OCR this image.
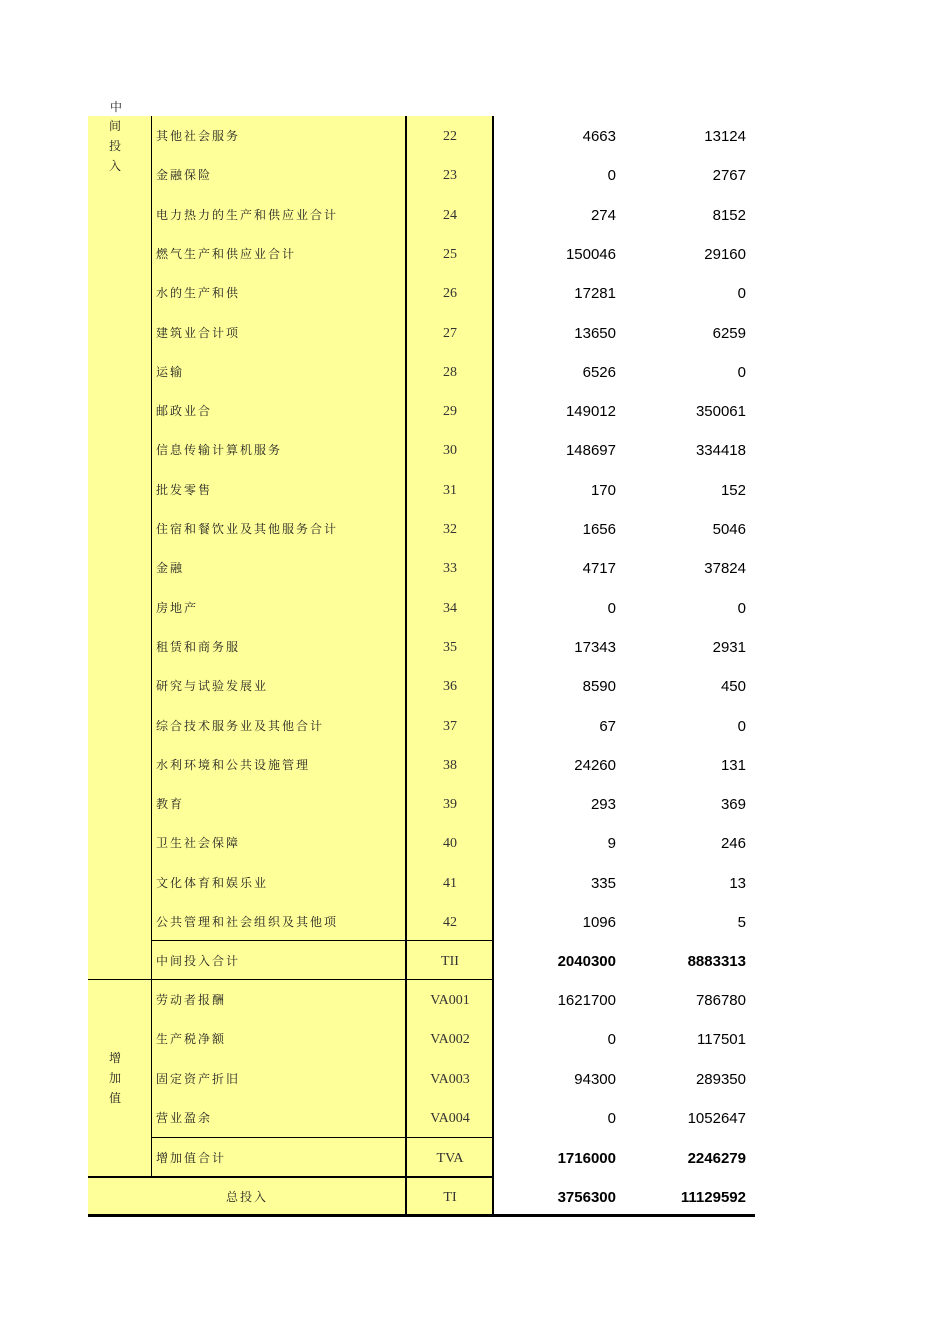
中
间
投
入
增
加
值
其他社会服务	22	4663	13124
金融保险	23	0	2767
电力热力的生产和供应业合计	24	274	8152
燃气生产和供应业合计	25	150046	29160
水的生产和供	26	17281	0
建筑业合计项	27	13650	6259
运输	28	6526	0
邮政业合	29	149012	350061
信息传输计算机服务	30	148697	334418
批发零售	31	170	152
住宿和餐饮业及其他服务合计	32	1656	5046
金融	33	4717	37824
房地产	34	0	0
租赁和商务服	35	17343	2931
研究与试验发展业	36	8590	450
综合技术服务业及其他合计	37	67	0
水利环境和公共设施管理	38	24260	131
教育	39	293	369
卫生社会保障	40	9	246
文化体育和娱乐业	41	335	13
公共管理和社会组织及其他项	42	1096	5
中间投入合计	TII	2040300	8883313
劳动者报酬	VA001	1621700	786780
生产税净额	VA002	0	117501
固定资产折旧	VA003	94300	289350
营业盈余	VA004	0	1052647
增加值合计	TVA	1716000	2246279
总投入	TI	3756300	11129592
